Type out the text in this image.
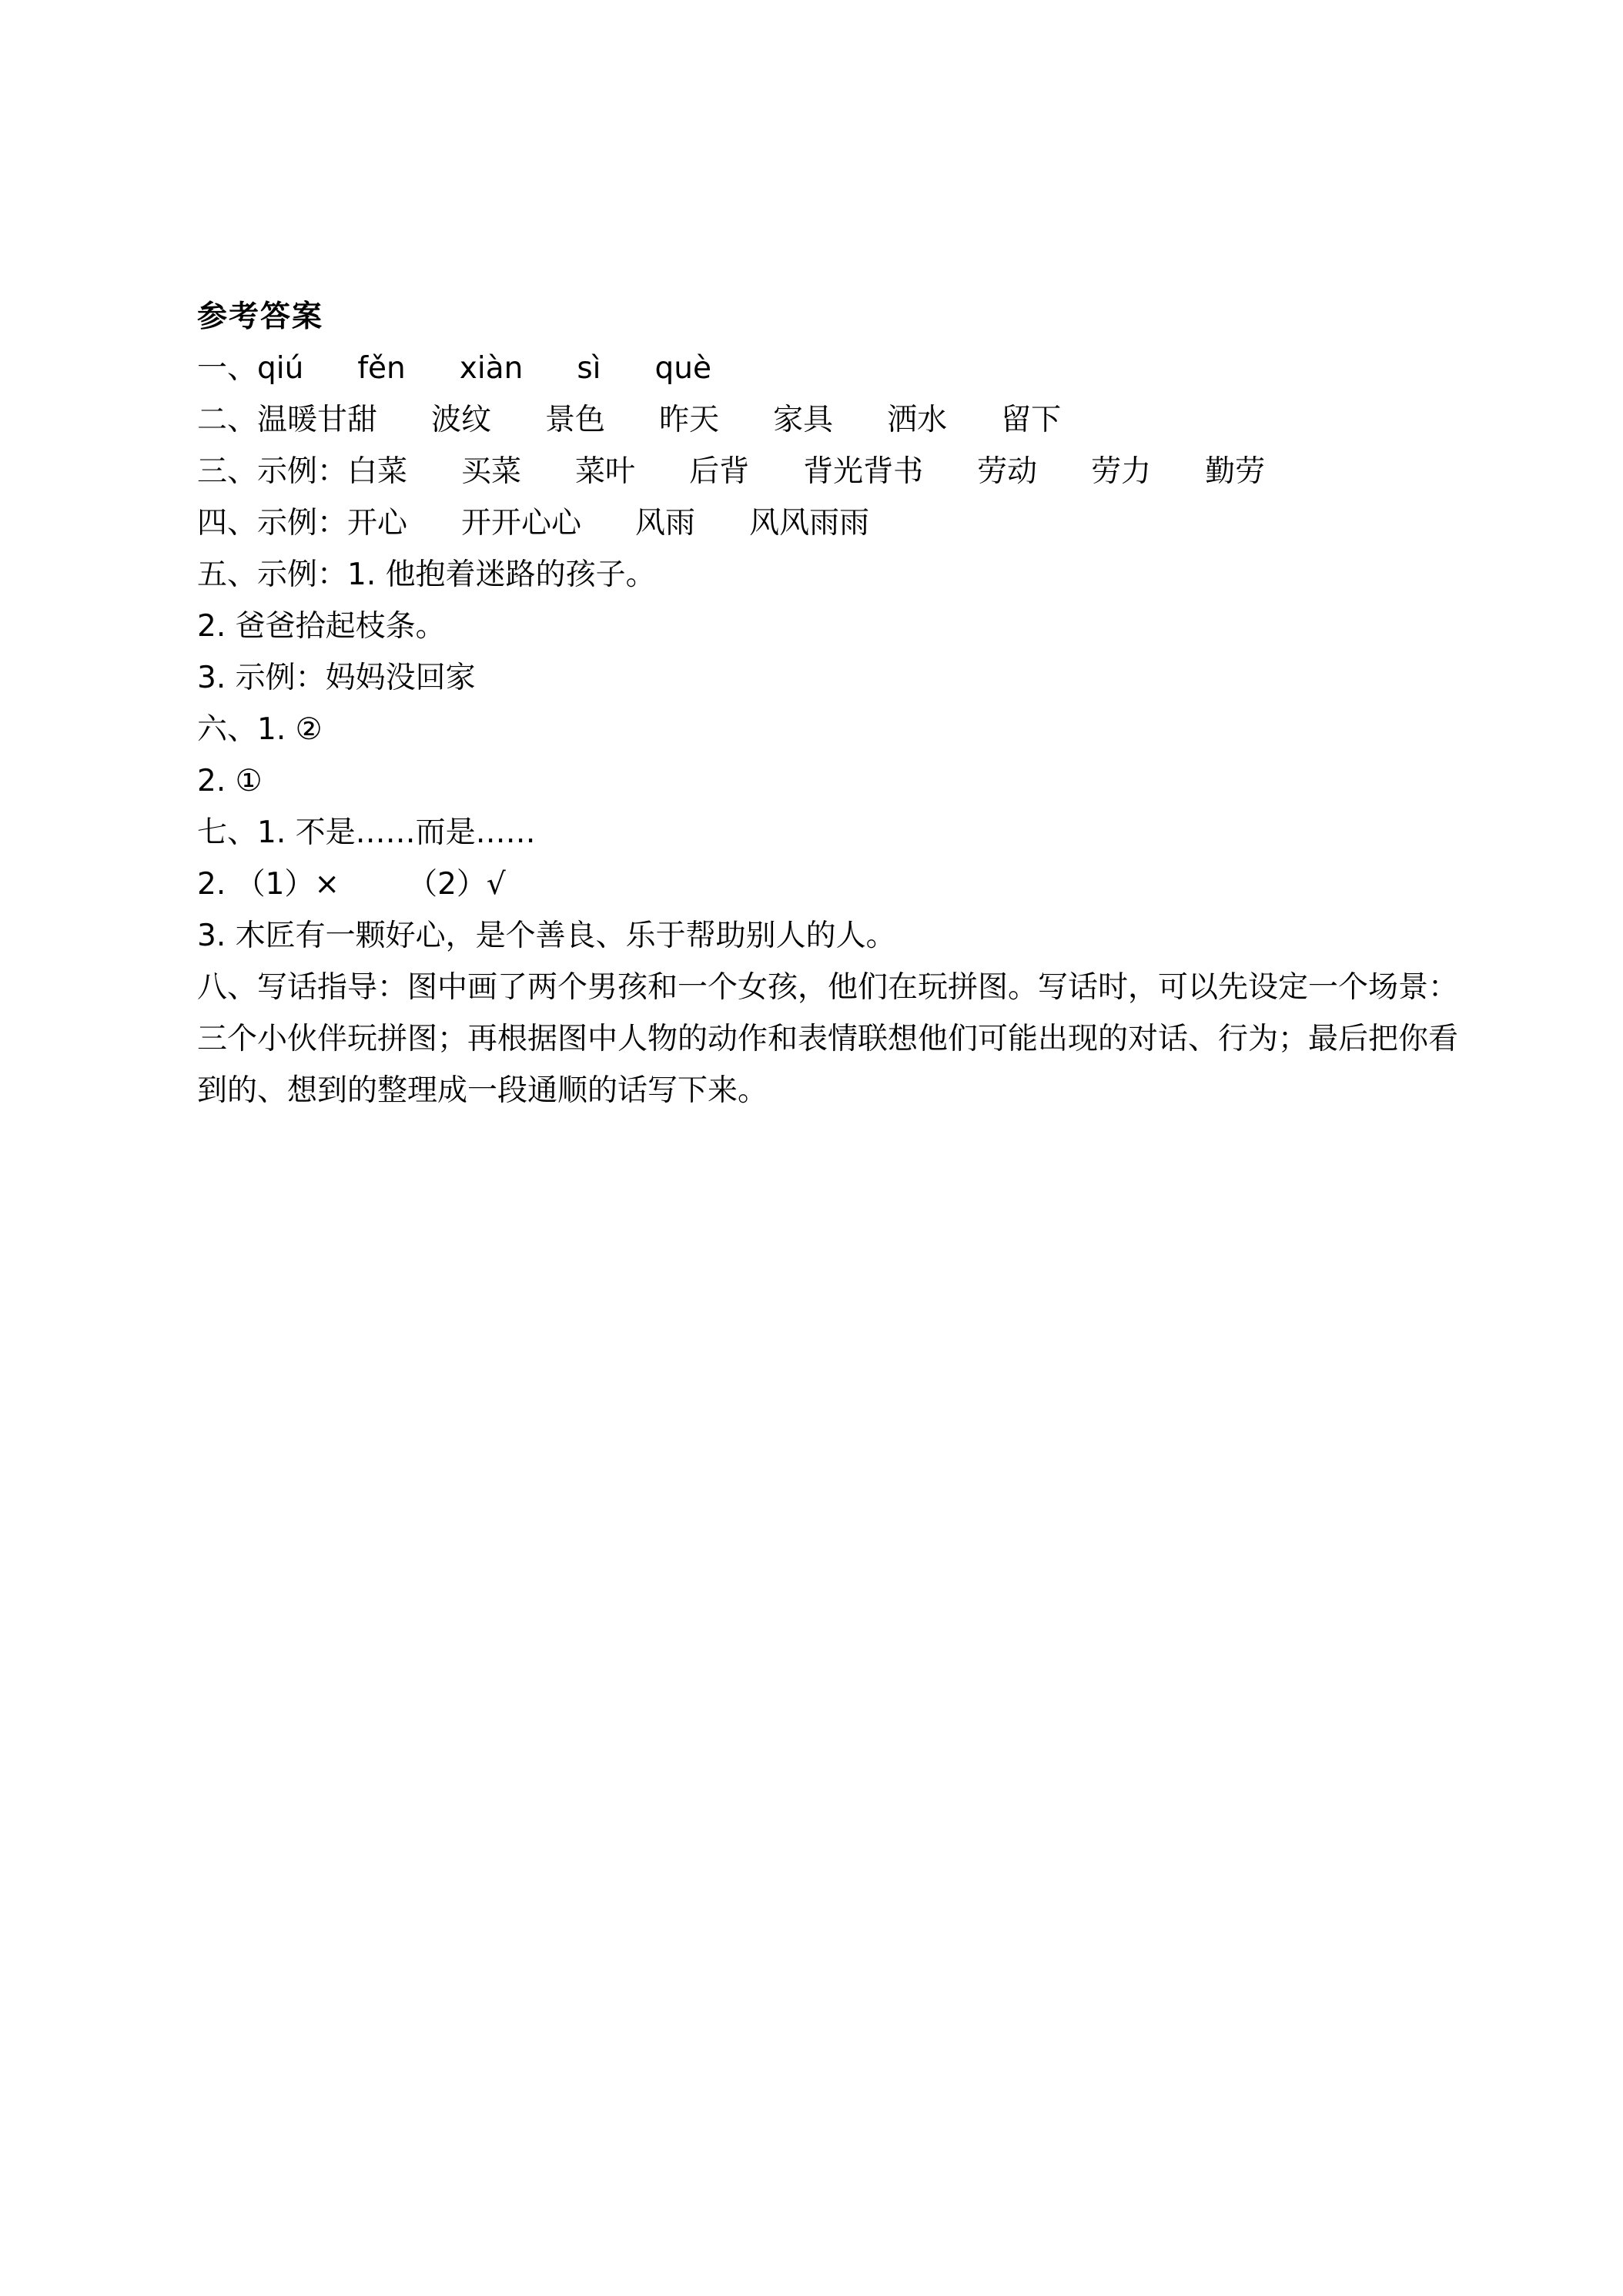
参考答案
一、qiú fěn xiàn sì què
二、温暖甘甜 波纹 景色 昨天 家具 洒水 留下
三、示例：白菜 买菜 菜叶 后背 背光背书 劳动 劳力 勤劳
四、示例：开心 开开心心 风雨 风风雨雨
五、示例：1. 他抱着迷路的孩子。
2. 爸爸拾起枝条。
3. 示例：妈妈没回家
六、1. ②
2. ①
七、1. 不是……而是……
2. （1）× （2）√
3. 木匠有一颗好心，是个善良、乐于帮助别人的人。
八、写话指导：图中画了两个男孩和一个女孩，他们在玩拼图。写话时，可以先设定一个场景：三个小伙伴玩拼图；再根据图中人物的动作和表情联想他们可能出现的对话、行为；最后把你看到的、想到的整理成一段通顺的话写下来。
